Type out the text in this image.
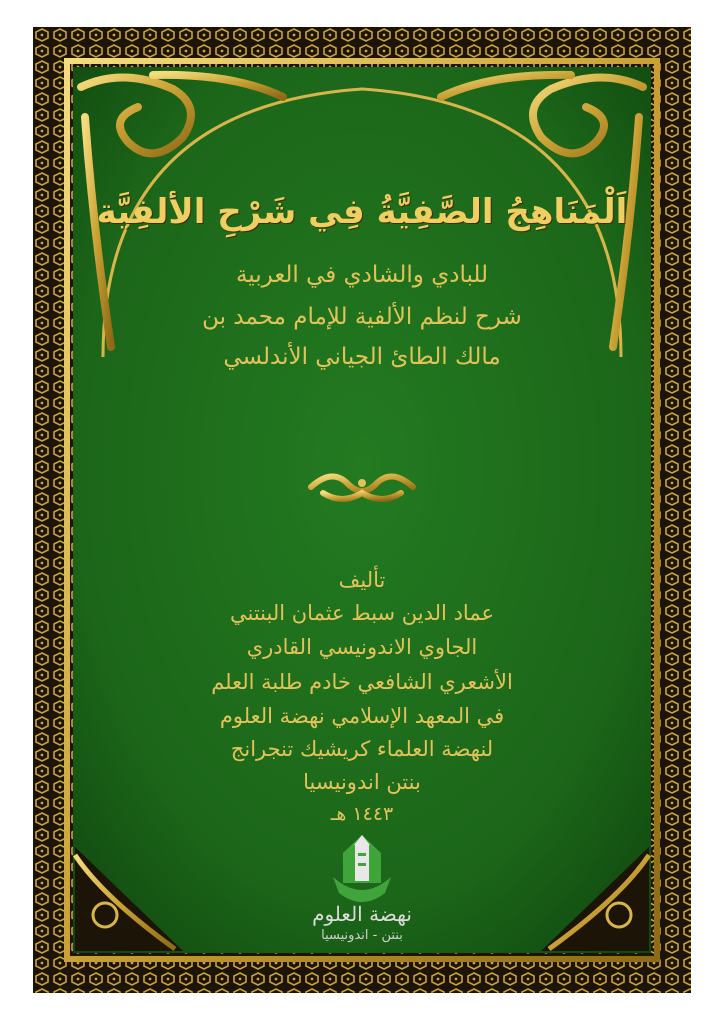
اَلْمَنَاهِجُ الصَّفِيَّةُ فِي شَرْحِ الألفِيَّة
للبادي والشادي في العربية
شرح لنظم الألفية للإمام محمد بن
مالك الطائ الجياني الأندلسي
تأليف
عماد الدين سبط عثمان البنتني
الجاوي الاندونيسي القادري
الأشعري الشافعي خادم طلبة العلم
في المعهد الإسلامي نهضة العلوم
لنهضة العلماء كريشيك تنجرانج
بنتن اندونيسيا
١٤٤٣ هـ
نهضة العلوم
بنتن - اندونيسيا
